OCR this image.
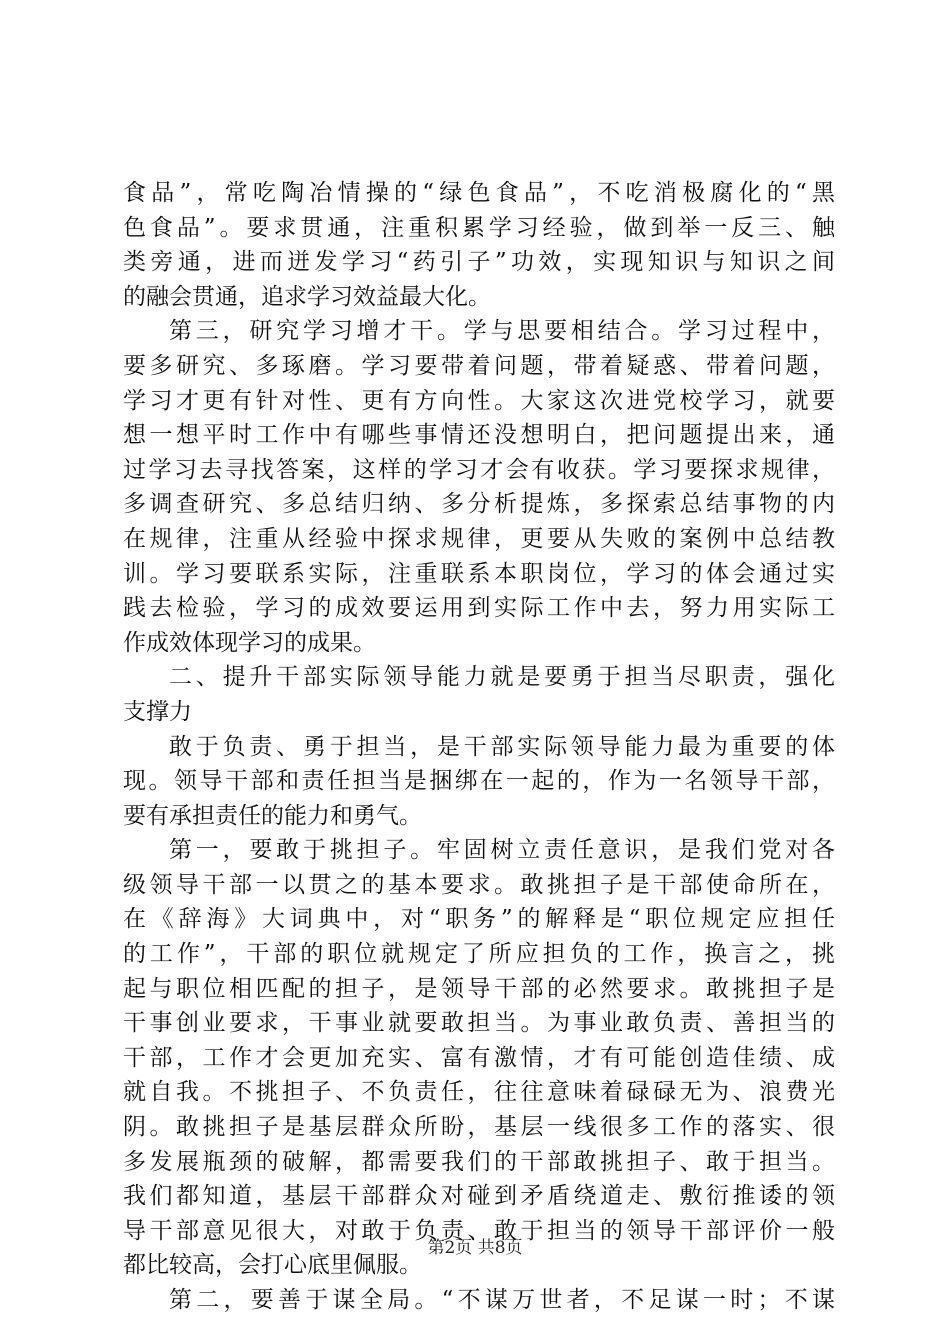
食品”，常吃陶冶情操的“绿色食品”，不吃消极腐化的“黑
色食品”。要求贯通，注重积累学习经验，做到举一反三、触
类旁通，进而迸发学习“药引子”功效，实现知识与知识之间
的融会贯通，追求学习效益最大化。
第三，研究学习增才干。学与思要相结合。学习过程中，
要多研究、多琢磨。学习要带着问题，带着疑惑、带着问题，
学习才更有针对性、更有方向性。大家这次进党校学习，就要
想一想平时工作中有哪些事情还没想明白，把问题提出来，通
过学习去寻找答案，这样的学习才会有收获。学习要探求规律，
多调查研究、多总结归纳、多分析提炼，多探索总结事物的内
在规律，注重从经验中探求规律，更要从失败的案例中总结教
训。学习要联系实际，注重联系本职岗位，学习的体会通过实
践去检验，学习的成效要运用到实际工作中去，努力用实际工
作成效体现学习的成果。
二、提升干部实际领导能力就是要勇于担当尽职责，强化
支撑力
敢于负责、勇于担当，是干部实际领导能力最为重要的体
现。领导干部和责任担当是捆绑在一起的，作为一名领导干部，
要有承担责任的能力和勇气。
第一，要敢于挑担子。牢固树立责任意识，是我们党对各
级领导干部一以贯之的基本要求。敢挑担子是干部使命所在，
在《辞海》大词典中，对“职务”的解释是“职位规定应担任
的工作”，干部的职位就规定了所应担负的工作，换言之，挑
起与职位相匹配的担子，是领导干部的必然要求。敢挑担子是
干事创业要求，干事业就要敢担当。为事业敢负责、善担当的
干部，工作才会更加充实、富有激情，才有可能创造佳绩、成
就自我。不挑担子、不负责任，往往意味着碌碌无为、浪费光
阴。敢挑担子是基层群众所盼，基层一线很多工作的落实、很
多发展瓶颈的破解，都需要我们的干部敢挑担子、敢于担当。
我们都知道，基层干部群众对碰到矛盾绕道走、敷衍推诿的领
导干部意见很大，对敢于负责、敢于担当的领导干部评价一般
都比较高，会打心底里佩服。
第二，要善于谋全局。“不谋万世者，不足谋一时；不谋
第2页 共8页
